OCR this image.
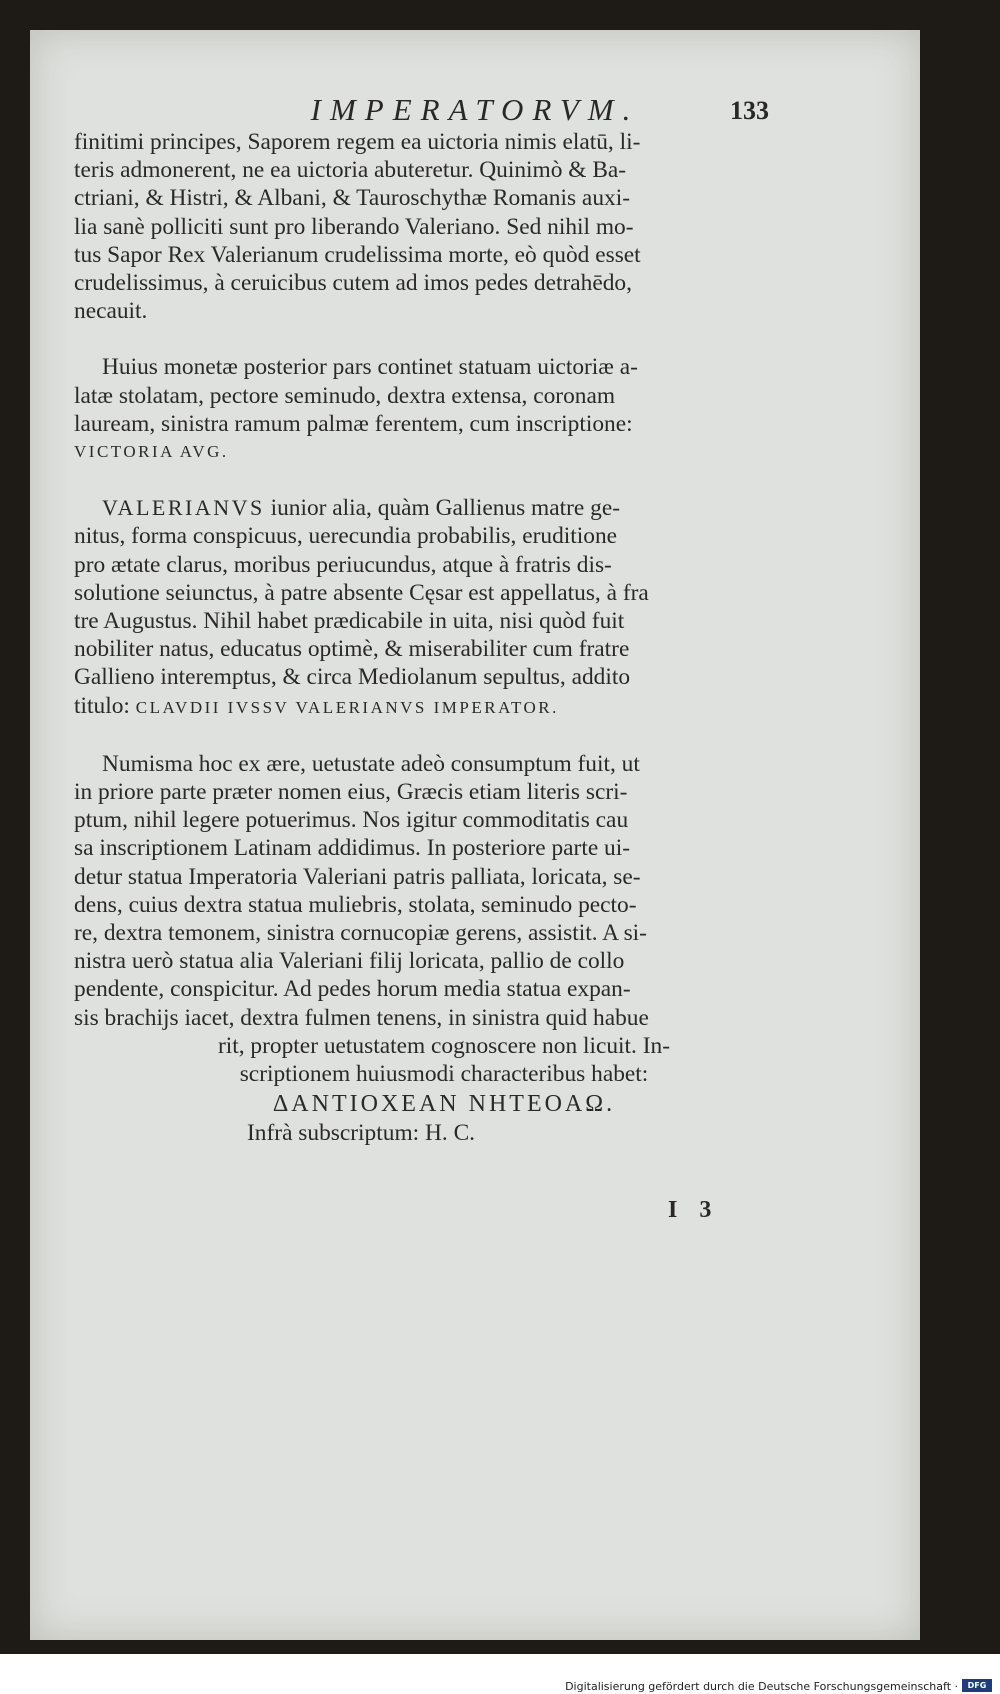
IMPERATORVM.	133

finitimi principes, Saporem regem ea uictoria nimis elatū, li-

teris admonerent, ne ea uictoria abuteretur. Quinimò & Ba-

ctriani, & Histri, & Albani, & Tauroschythæ Romanis auxi-

lia sanè polliciti sunt pro liberando Valeriano. Sed nihil mo-

tus Sapor Rex Valerianum crudelissima morte, eò quòd esset

crudelissimus, à ceruicibus cutem ad imos pedes detrahēdo,

necauit.

Huius monetæ posterior pars continet statuam uictoriæ a-

latæ stolatam, pectore seminudo, dextra extensa, coronam

lauream, sinistra ramum palmæ ferentem, cum inscriptione:

VICTORIA AVG.

VALERIANVS iunior alia, quàm Gallienus matre ge-

nitus, forma conspicuus, uerecundia probabilis, eruditione

pro ætate clarus, moribus periucundus, atque à fratris dis-

solutione seiunctus, à patre absente Cęsar est appellatus, à fra

tre Augustus. Nihil habet prædicabile in uita, nisi quòd fuit

nobiliter natus, educatus optimè, & miserabiliter cum fratre

Gallieno interemptus, & circa Mediolanum sepultus, addito

titulo: CLAVDII IVSSV VALERIANVS IMPERATOR.

Numisma hoc ex ære, uetustate adeò consumptum fuit, ut

in priore parte præter nomen eius, Græcis etiam literis scri-

ptum, nihil legere potuerimus. Nos igitur commoditatis cau

sa inscriptionem Latinam addidimus. In posteriore parte ui-

detur statua Imperatoria Valeriani patris palliata, loricata, se-

dens, cuius dextra statua muliebris, stolata, seminudo pecto-

re, dextra temonem, sinistra cornucopiæ gerens, assistit. A si-

nistra uerò statua alia Valeriani filij loricata, pallio de collo

pendente, conspicitur. Ad pedes horum media statua expan-

sis brachijs iacet, dextra fulmen tenens, in sinistra quid habue

rit, propter uetustatem cognoscere non licuit. In-

scriptionem huiusmodi characteribus habet:

ΔANTIOXEAN NHTEOAΩ.

Infrà subscriptum: H. C.

I 3
Digitalisierung gefördert durch die Deutsche Forschungsgemeinschaft ·	DFG
